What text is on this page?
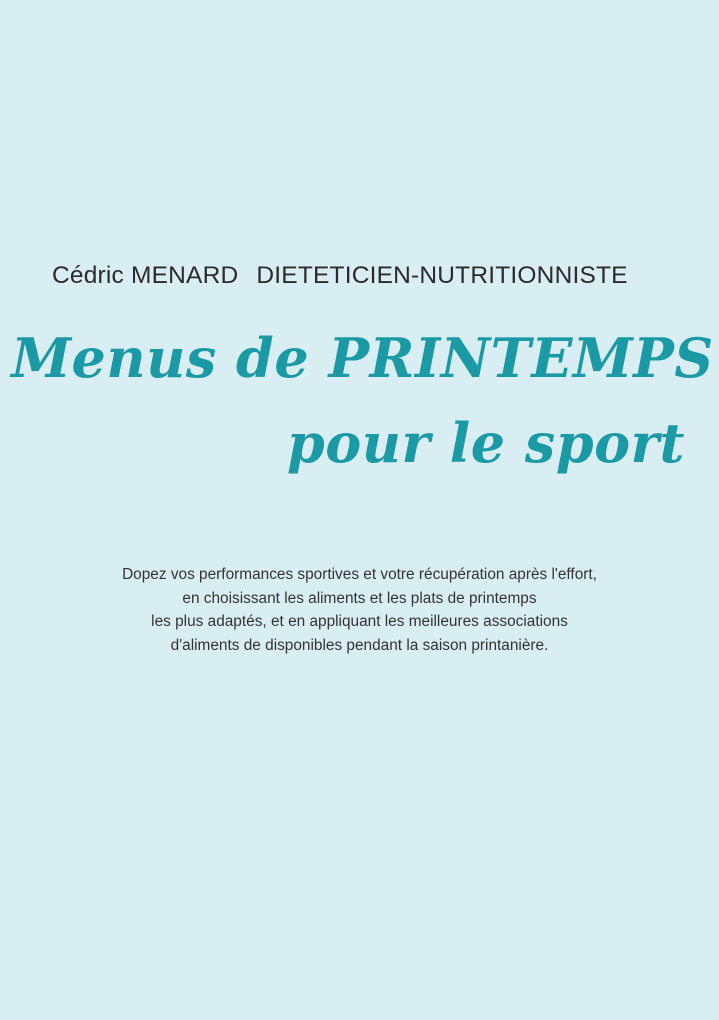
Cédric MENARD DIETETICIEN-NUTRITIONNISTE
Menus de PRINTEMPS
pour le sport
Dopez vos performances sportives et votre récupération après l'effort,
en choisissant les aliments et les plats de printemps
les plus adaptés, et en appliquant les meilleures associations
d'aliments de disponibles pendant la saison printanière.
